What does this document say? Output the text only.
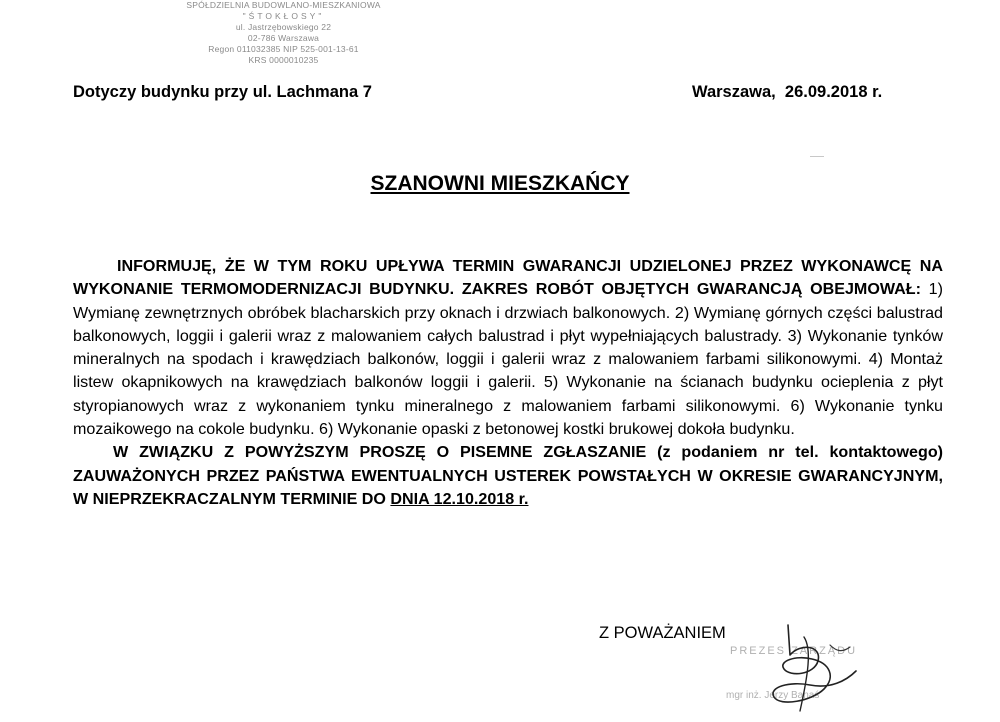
SPÓŁDZIELNIA BUDOWLANO-MIESZKANIOWA
"ŚTOKŁOSY"
ul. Jastrzębowskiego 22
02-786 Warszawa
Regon 011032385 NIP 525-001-13-61
KRS 0000010235
Dotyczy budynku przy ul. Lachmana 7	Warszawa,  26.09.2018 r.
SZANOWNI MIESZKAŃCY

INFORMUJĘ, ŻE W TYM ROKU UPŁYWA TERMIN GWARANCJI UDZIELONEJ PRZEZ WYKONAWCĘ NA WYKONANIE TERMOMODERNIZACJI BUDYNKU. ZAKRES ROBÓT OBJĘTYCH GWARANCJĄ OBEJMOWAŁ: 1) Wymianę zewnętrznych obróbek blacharskich przy oknach i drzwiach balkonowych. 2) Wymianę górnych części balustrad balkonowych, loggii i galerii wraz z malowaniem całych balustrad i płyt wypełniających balustrady. 3) Wykonanie tynków mineralnych na spodach i krawędziach balkonów, loggii i galerii wraz z malowaniem farbami silikonowymi. 4) Montaż listew okapnikowych na krawędziach balkonów loggii i galerii. 5) Wykonanie na ścianach budynku ocieplenia z płyt styropianowych wraz z wykonaniem tynku mineralnego z malowaniem farbami silikonowymi. 6) Wykonanie tynku mozaikowego na cokole budynku. 6) Wykonanie opaski z betonowej kostki brukowej dokoła budynku.

W ZWIĄZKU Z POWYŻSZYM PROSZĘ O PISEMNE ZGŁASZANIE (z podaniem nr tel. kontaktowego) ZAUWAŻONYCH PRZEZ PAŃSTWA EWENTUALNYCH USTEREK POWSTAŁYCH W OKRESIE GWARANCYJNYM, W NIEPRZEKRACZALNYM TERMINIE DO DNIA 12.10.2018 r.

Z POWAŻANIEM
PREZES ZARZĄDU
mgr inż. Jerzy Banaś
